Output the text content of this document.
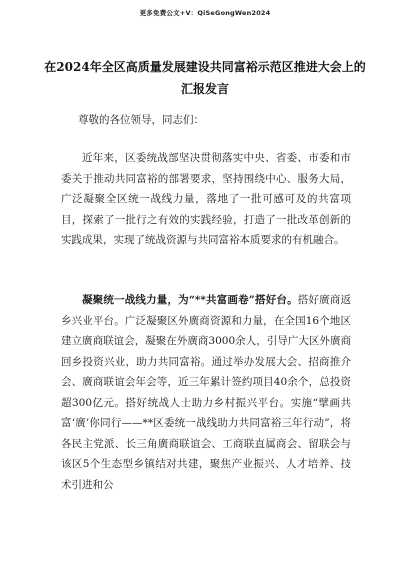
更多免费公文+V：QiSeGongWen2024
在2024年全区高质量发展建设共同富裕示范区推进大会上的汇报发言

尊敬的各位领导，同志们：

近年来，区委统战部坚决贯彻落实中央、省委、市委和市委关于推动共同富裕的部署要求，坚持围绕中心、服务大局，广泛凝聚全区统一战线力量，落地了一批可感可及的共富项目，探索了一批行之有效的实践经验，打造了一批改革创新的实践成果，实现了统战资源与共同富裕本质要求的有机融合。

凝聚统一战线力量，为“**共富画卷”搭好台。搭好廣商返乡兴业平台。广泛凝聚区外廣商资源和力量，在全国16个地区建立廣商联谊会，凝聚在外廣商3000余人，引导广大区外廣商回乡投资兴业，助力共同富裕。通过举办发展大会、招商推介会、廣商联谊会年会等，近三年累计签约项目40余个，总投资超300亿元。搭好统战人士助力乡村振兴平台。实施“擘画共富‘廣’你同行——**区委统一战线助力共同富裕三年行动”，将各民主党派、长三角廣商联谊会、工商联直属商会、留联会与该区5个生态型乡镇结对共建，聚焦产业振兴、人才培养、技术引进和公
